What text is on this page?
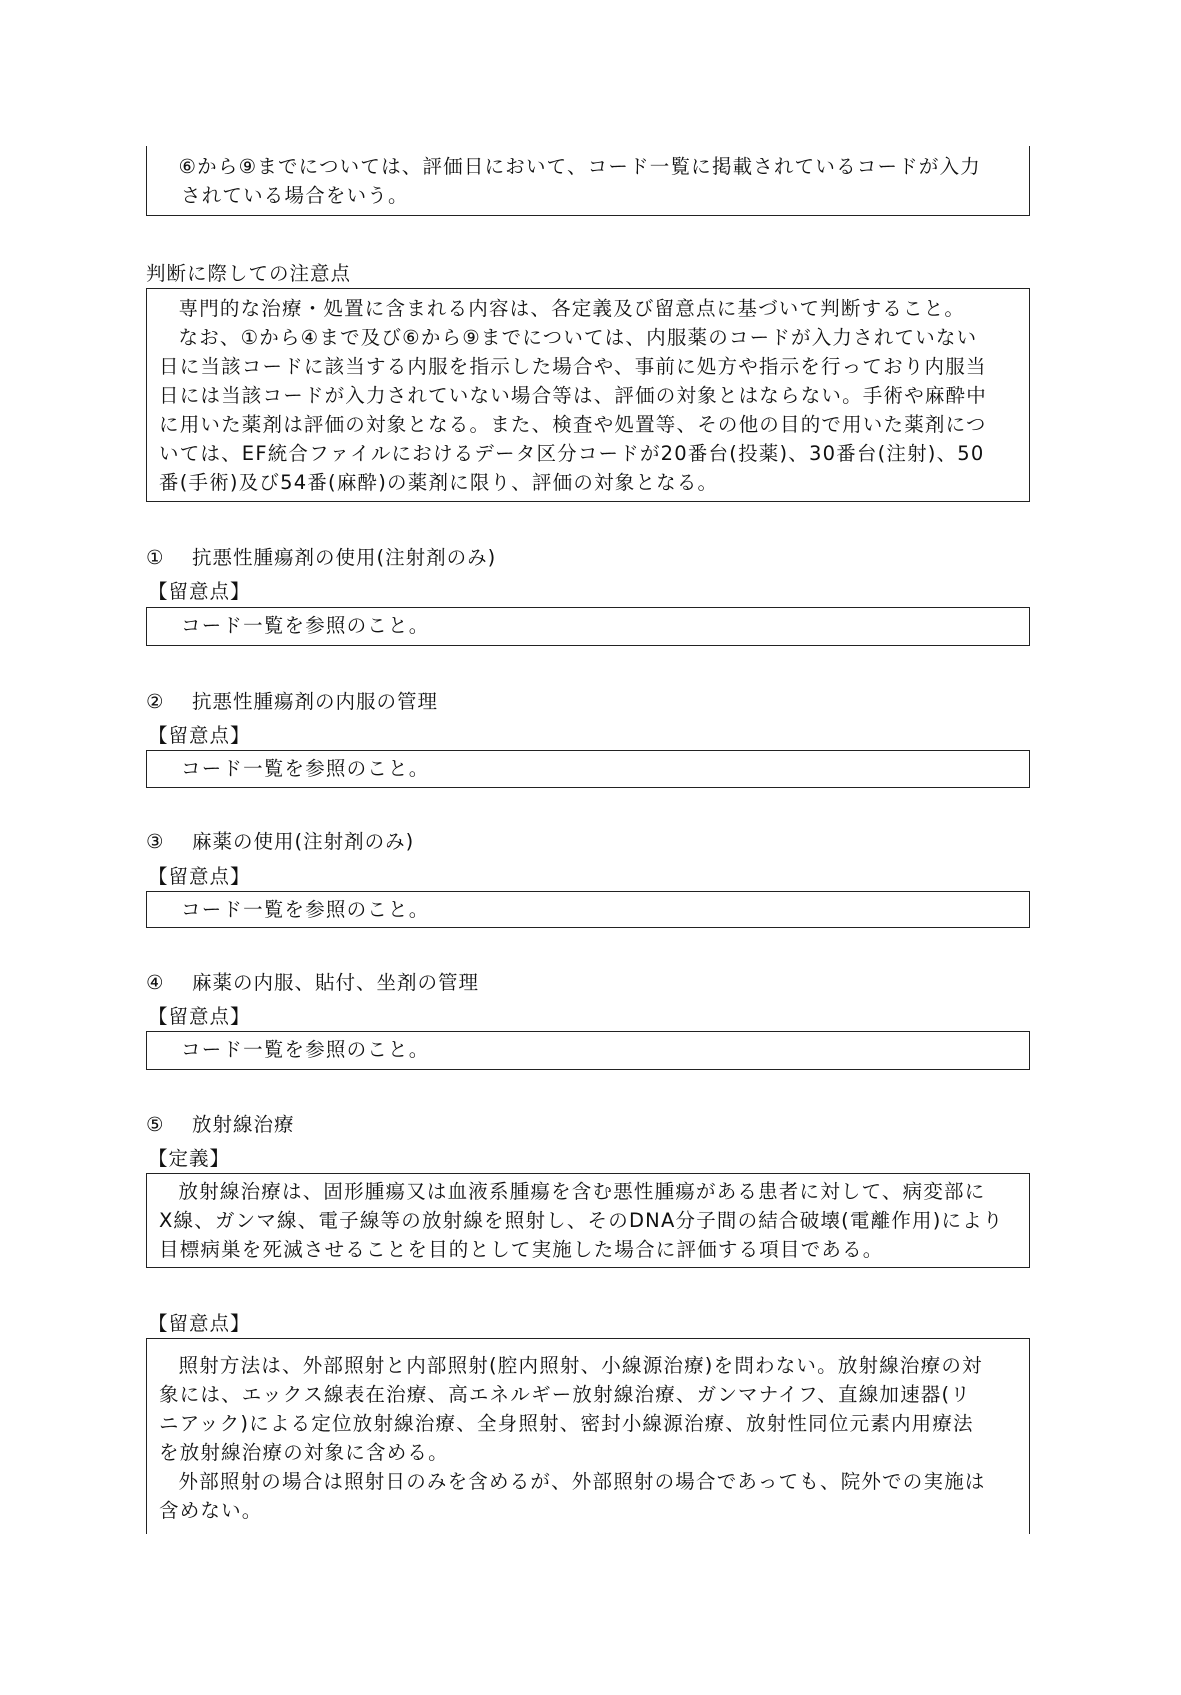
⑥から⑨までについては、評価日において、コード一覧に掲載されているコードが入力

されている場合をいう。

判断に際しての注意点

専門的な治療・処置に含まれる内容は、各定義及び留意点に基づいて判断すること。

なお、①から④まで及び⑥から⑨までについては、内服薬のコードが入力されていない

日に当該コードに該当する内服を指示した場合や、事前に処方や指示を行っており内服当

日には当該コードが入力されていない場合等は、評価の対象とはならない。手術や麻酔中

に用いた薬剤は評価の対象となる。また、検査や処置等、その他の目的で用いた薬剤につ

いては、EF統合ファイルにおけるデータ区分コードが20番台(投薬)、30番台(注射)、50

番(手術)及び54番(麻酔)の薬剤に限り、評価の対象となる。

① 抗悪性腫瘍剤の使用(注射剤のみ)

【留意点】

コード一覧を参照のこと。

② 抗悪性腫瘍剤の内服の管理

【留意点】

コード一覧を参照のこと。

③ 麻薬の使用(注射剤のみ)

【留意点】

コード一覧を参照のこと。

④ 麻薬の内服、貼付、坐剤の管理

【留意点】

コード一覧を参照のこと。

⑤ 放射線治療

【定義】

放射線治療は、固形腫瘍又は血液系腫瘍を含む悪性腫瘍がある患者に対して、病変部に

X線、ガンマ線、電子線等の放射線を照射し、そのDNA分子間の結合破壊(電離作用)により

目標病巣を死滅させることを目的として実施した場合に評価する項目である。

【留意点】

照射方法は、外部照射と内部照射(腔内照射、小線源治療)を問わない。放射線治療の対

象には、エックス線表在治療、高エネルギー放射線治療、ガンマナイフ、直線加速器(リ

ニアック)による定位放射線治療、全身照射、密封小線源治療、放射性同位元素内用療法

を放射線治療の対象に含める。

外部照射の場合は照射日のみを含めるが、外部照射の場合であっても、院外での実施は

含めない。
